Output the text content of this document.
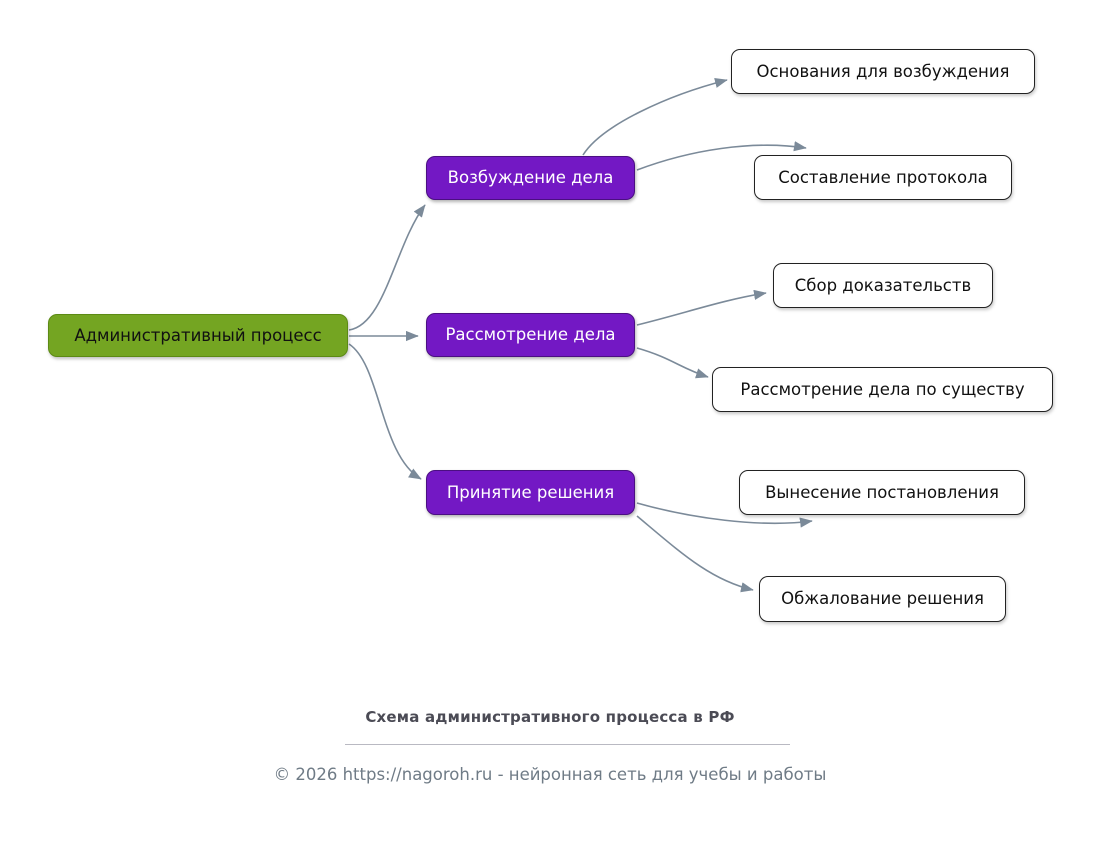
Административный процесс
Возбуждение дела
Основания для возбуждения
Составление протокола
Рассмотрение дела
Сбор доказательств
Рассмотрение дела по существу
Принятие решения	Вынесение постановления
Обжалование решения
Схема административного процесса в РФ
© 2026 https://nagoroh.ru - нейронная сеть для учебы и работы
